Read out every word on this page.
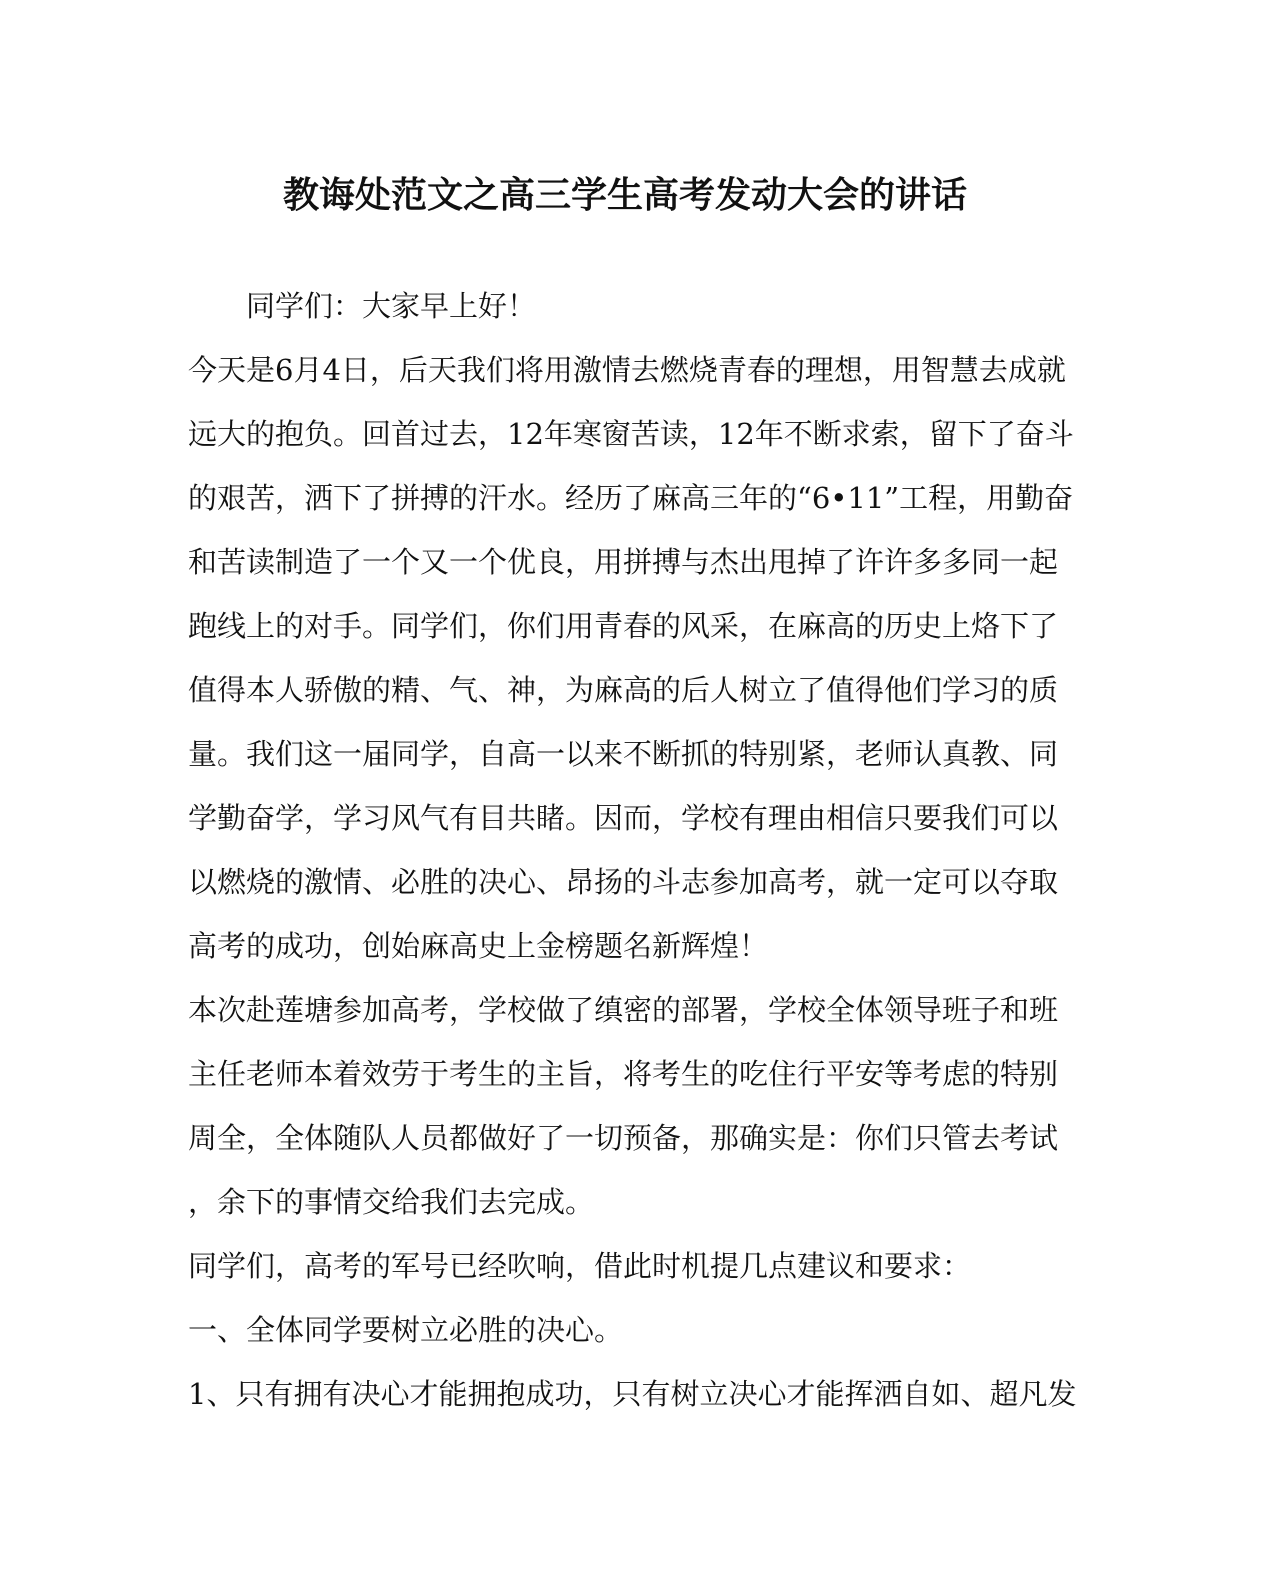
教诲处范文之高三学生高考发动大会的讲话

同学们：大家早上好！

今天是6月4日，后天我们将用激情去燃烧青春的理想，用智慧去成就

远大的抱负。回首过去，12年寒窗苦读，12年不断求索，留下了奋斗

的艰苦，洒下了拼搏的汗水。经历了麻高三年的“6•11”工程，用勤奋

和苦读制造了一个又一个优良，用拼搏与杰出甩掉了许许多多同一起

跑线上的对手。同学们，你们用青春的风采，在麻高的历史上烙下了

值得本人骄傲的精、气、神，为麻高的后人树立了值得他们学习的质

量。我们这一届同学，自高一以来不断抓的特别紧，老师认真教、同

学勤奋学，学习风气有目共睹。因而，学校有理由相信只要我们可以

以燃烧的激情、必胜的决心、昂扬的斗志参加高考，就一定可以夺取

高考的成功，创始麻高史上金榜题名新辉煌！

本次赴莲塘参加高考，学校做了缜密的部署，学校全体领导班子和班

主任老师本着效劳于考生的主旨，将考生的吃住行平安等考虑的特别

周全，全体随队人员都做好了一切预备，那确实是：你们只管去考试

，余下的事情交给我们去完成。

同学们，高考的军号已经吹响，借此时机提几点建议和要求：

一、全体同学要树立必胜的决心。

1、只有拥有决心才能拥抱成功，只有树立决心才能挥洒自如、超凡发
